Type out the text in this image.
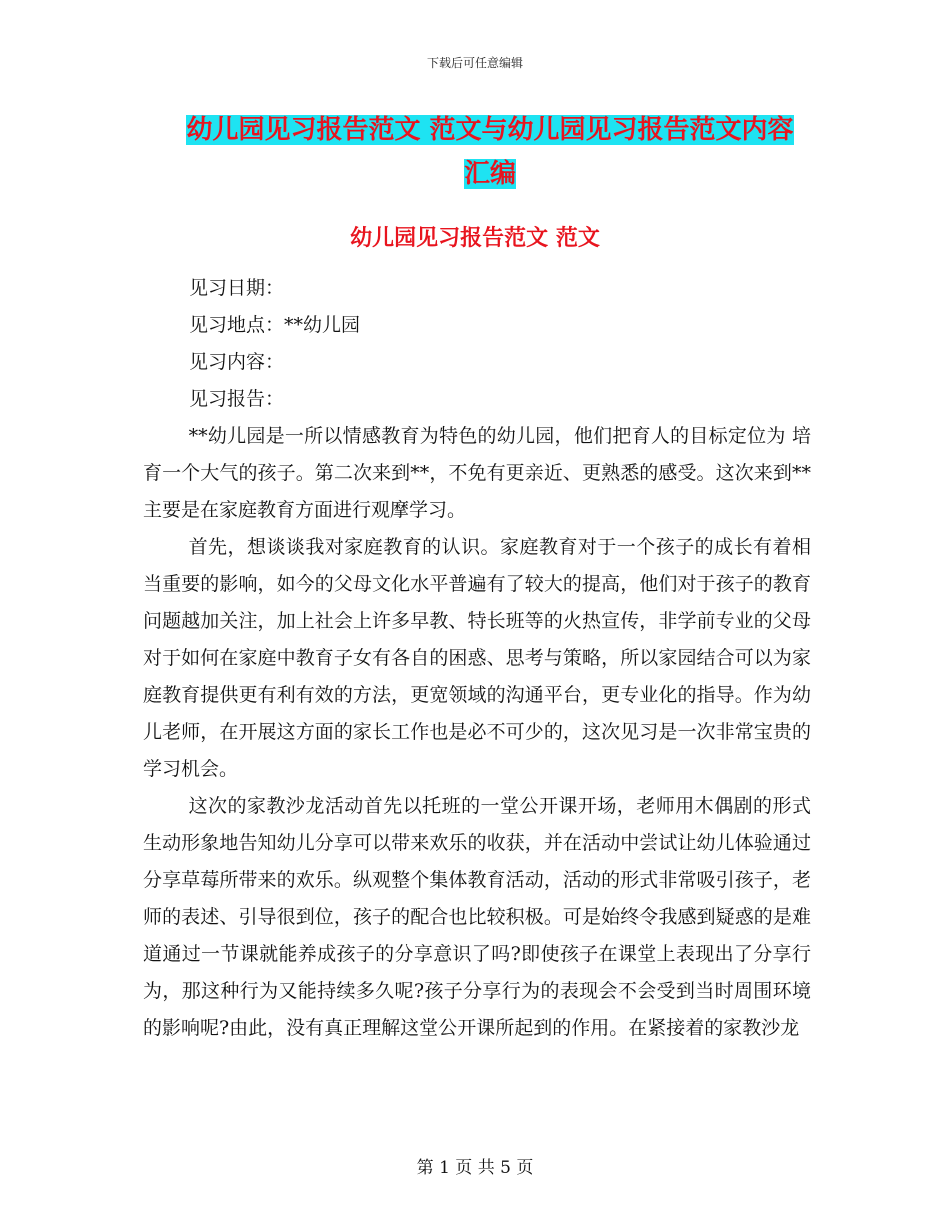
下载后可任意编辑
幼儿园见习报告范文 范文与幼儿园见习报告范文内容
汇编
幼儿园见习报告范文 范文
见习日期：
见习地点：**幼儿园
见习内容：
见习报告：

**幼儿园是一所以情感教育为特色的幼儿园，他们把育人的目标定位为 培育一个大气的孩子。第二次来到**，不免有更亲近、更熟悉的感受。这次来到**主要是在家庭教育方面进行观摩学习。

首先，想谈谈我对家庭教育的认识。家庭教育对于一个孩子的成长有着相当重要的影响，如今的父母文化水平普遍有了较大的提高，他们对于孩子的教育问题越加关注，加上社会上许多早教、特长班等的火热宣传，非学前专业的父母对于如何在家庭中教育子女有各自的困惑、思考与策略，所以家园结合可以为家庭教育提供更有利有效的方法，更宽领域的沟通平台，更专业化的指导。作为幼儿老师，在开展这方面的家长工作也是必不可少的，这次见习是一次非常宝贵的学习机会。

这次的家教沙龙活动首先以托班的一堂公开课开场，老师用木偶剧的形式生动形象地告知幼儿分享可以带来欢乐的收获，并在活动中尝试让幼儿体验通过分享草莓所带来的欢乐。纵观整个集体教育活动，活动的形式非常吸引孩子，老师的表述、引导很到位，孩子的配合也比较积极。可是始终令我感到疑惑的是难道通过一节课就能养成孩子的分享意识了吗?即使孩子在课堂上表现出了分享行为，那这种行为又能持续多久呢?孩子分享行为的表现会不会受到当时周围环境的影响呢?由此，没有真正理解这堂公开课所起到的作用。在紧接着的家教沙龙

第 1 页 共 5 页
